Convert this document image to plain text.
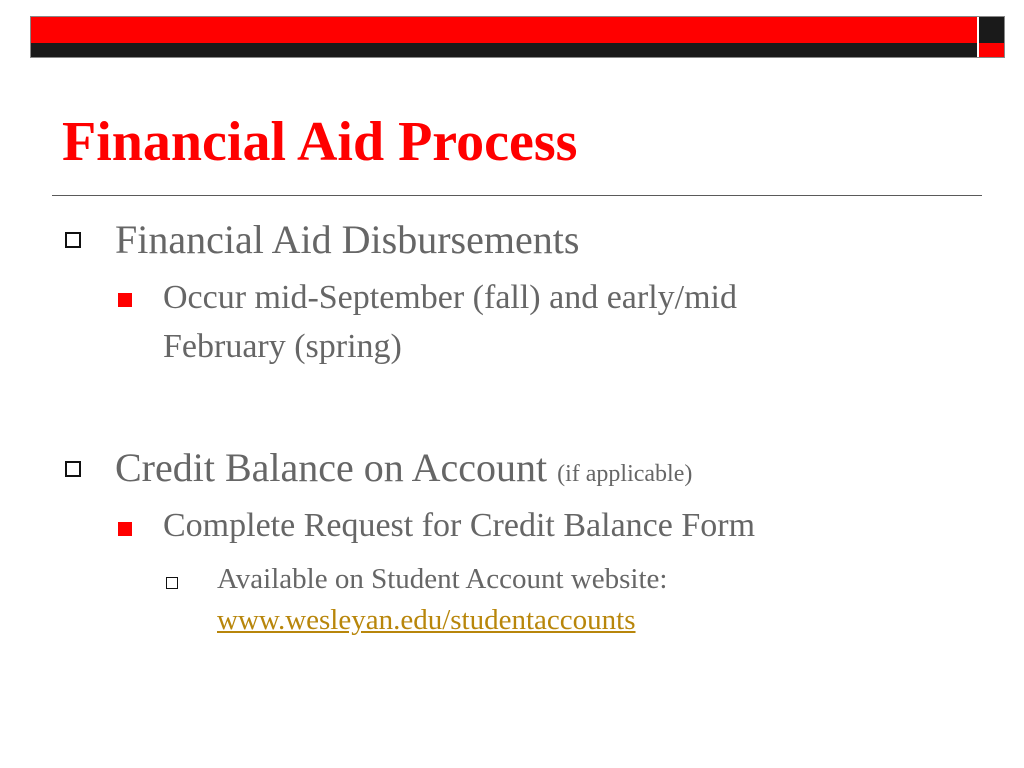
Financial Aid Process
Financial Aid Disbursements
Occur mid-September (fall) and early/mid
February (spring)
Credit Balance on Account (if applicable)
Complete Request for Credit Balance Form
Available on Student Account website:
www.wesleyan.edu/studentaccounts
